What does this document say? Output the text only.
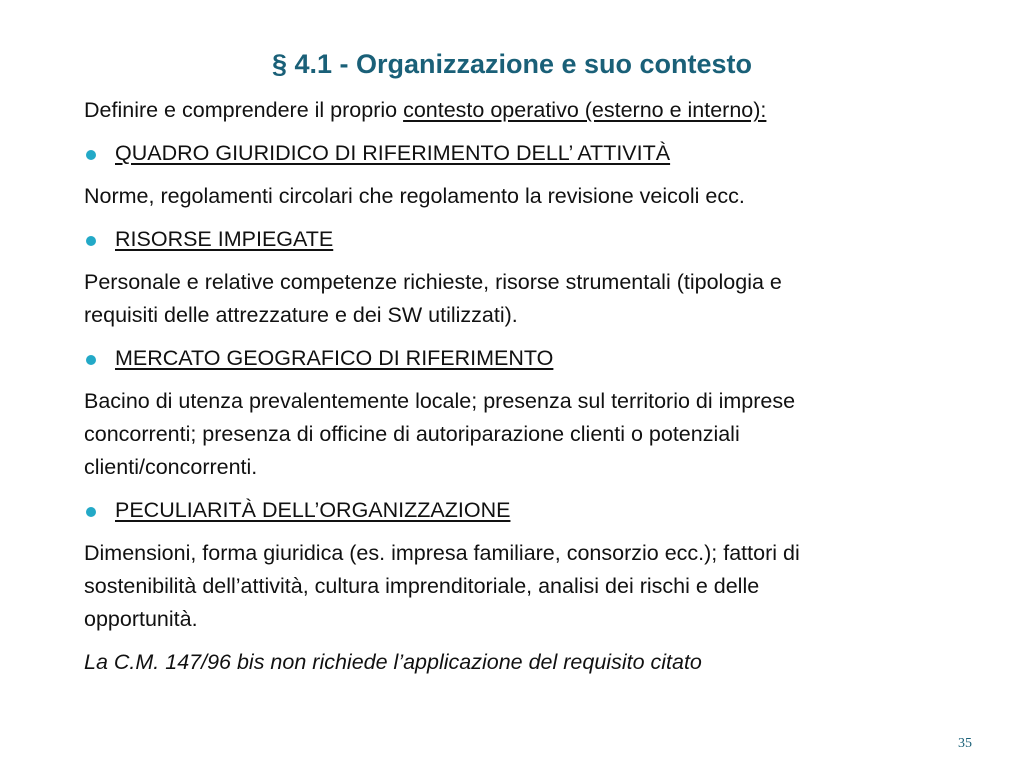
§ 4.1 - Organizzazione e suo contesto
Definire e comprendere il proprio contesto operativo (esterno e interno):
QUADRO GIURIDICO DI RIFERIMENTO DELL’ ATTIVITÀ
Norme, regolamenti circolari che regolamento la revisione veicoli ecc.
RISORSE IMPIEGATE
Personale e relative competenze richieste, risorse strumentali (tipologia e
requisiti delle attrezzature e dei SW utilizzati).
MERCATO GEOGRAFICO DI RIFERIMENTO
Bacino di utenza prevalentemente locale; presenza sul territorio di imprese
concorrenti; presenza di officine di autoriparazione clienti o potenziali
clienti/concorrenti.
PECULIARITÀ DELL’ORGANIZZAZIONE
Dimensioni, forma giuridica (es. impresa familiare, consorzio ecc.); fattori di
sostenibilità dell’attività, cultura imprenditoriale, analisi dei rischi e delle
opportunità.
La C.M. 147/96 bis non richiede l’applicazione del requisito citato
35
